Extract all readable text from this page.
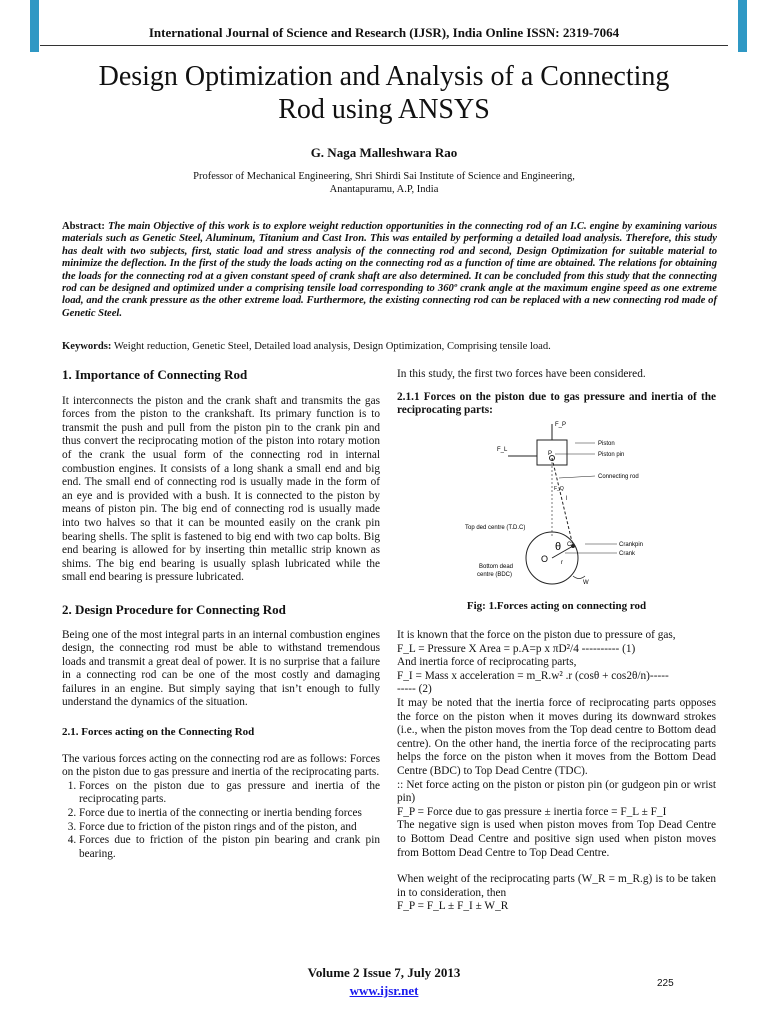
International Journal of Science and Research (IJSR), India Online ISSN: 2319-7064
Design Optimization and Analysis of a Connecting
Rod using ANSYS
G. Naga Malleshwara Rao
Professor of Mechanical Engineering, Shri Shirdi Sai Institute of Science and Engineering,
Anantapuramu, A.P, India
Abstract: The main Objective of this work is to explore weight reduction opportunities in the connecting rod of an I.C. engine by examining various materials such as Genetic Steel, Aluminum, Titanium and Cast Iron. This was entailed by performing a detailed load analysis. Therefore, this study has dealt with two subjects, first, static load and stress analysis of the connecting rod and second, Design Optimization for suitable material to minimize the deflection. In the first of the study the loads acting on the connecting rod as a function of time are obtained. The relations for obtaining the loads for the connecting rod at a given constant speed of crank shaft are also determined. It can be concluded from this study that the connecting rod can be designed and optimized under a comprising tensile load corresponding to 360º crank angle at the maximum engine speed as one extreme load, and the crank pressure as the other extreme load. Furthermore, the existing connecting rod can be replaced with a new connecting rod made of Genetic Steel.
Keywords: Weight reduction, Genetic Steel, Detailed load analysis, Design Optimization, Comprising tensile load.
1. Importance of Connecting Rod

It interconnects the piston and the crank shaft and transmits the gas forces from the piston to the crankshaft. Its primary function is to transmit the push and pull from the piston pin to the crank pin and thus convert the reciprocating motion of the piston into rotary motion of the crank the usual form of the connecting rod in internal combustion engines. It consists of a long shank a small end and big end. The small end of connecting rod is usually made in the form of an eye and is provided with a bush. It is connected to the piston by means of piston pin. The big end of connecting rod is usually made into two halves so that it can be mounted easily on the crank pin bearing shells. The split is fastened to big end with two cap bolts. Big end bearing is allowed for by inserting thin metallic strip known as shims. The big end bearing is usually splash lubricated while the small end bearing is pressure lubricated.

2. Design Procedure for Connecting Rod

Being one of the most integral parts in an internal combustion engines design, the connecting rod must be able to withstand tremendous loads and transmit a great deal of power. It is no surprise that a failure in a connecting rod can be one of the most costly and damaging failures in an engine. But simply saying that isn’t enough to fully understand the dynamics of the situation.

2.1. Forces acting on the Connecting Rod

The various forces acting on the connecting rod are as follows: Forces on the piston due to gas pressure and inertia of the reciprocating parts.

1. Forces on the piston due to gas pressure and inertia of the reciprocating parts.
2. Force due to inertia of the connecting or inertia bending forces
3. Force due to friction of the piston rings and of the piston, and
4. Forces due to friction of the piston pin bearing and crank pin bearing.

In this study, the first two forces have been considered.

2.1.1 Forces on the piston due to gas pressure and inertia of the reciprocating parts:
F_P
F_L
P
Piston
Piston pin
Connecting rod
F_Q
l
Top ded centre (T.D.C)
θ C
O r
Crankpin
Crank
Bottom dead
centre (BDC)
W
Fig: 1.Forces acting on connecting rod

It is known that the force on the piston due to pressure of gas,

F_L = Pressure X Area = p.A=p x πD²/4 ---------- (1)

And inertia force of reciprocating parts,

F_I = Mass x acceleration = m_R.w² .r (cosθ + cos2θ/n)-----

----- (2)

It may be noted that the inertia force of reciprocating parts opposes the force on the piston when it moves during its downward strokes (i.e., when the piston moves from the Top dead centre to Bottom dead centre). On the other hand, the inertia force of the reciprocating parts helps the force on the piston when it moves from the Bottom Dead Centre (BDC) to Top Dead Centre (TDC).

:: Net force acting on the piston or piston pin (or gudgeon pin or wrist pin)

F_P = Force due to gas pressure ± inertia force = F_L ± F_I

The negative sign is used when piston moves from Top Dead Centre to Bottom Dead Centre and positive sign used when piston moves from Bottom Dead Centre to Top Dead Centre.

When weight of the reciprocating parts (W_R = m_R.g) is to be taken in to consideration, then

F_P = F_L ± F_I ± W_R

Volume 2 Issue 7, July 2013
www.ijsr.net	225
